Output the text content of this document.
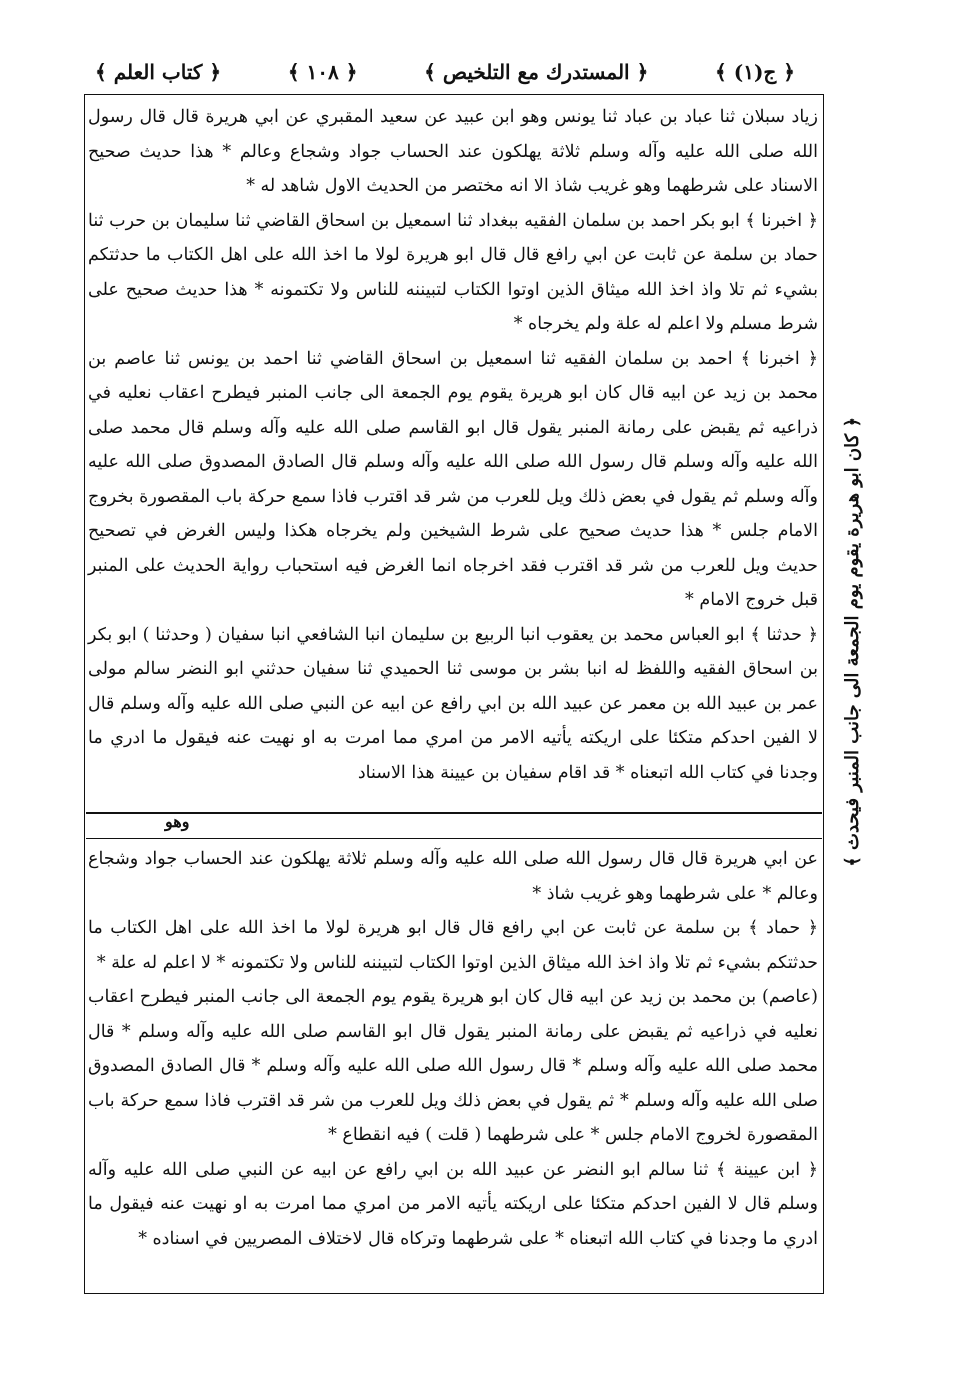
﴿ ج(۱) ﴾
﴿ المستدرك مع التلخيص ﴾
﴿ ۱۰۸ ﴾
﴿ كتاب العلم ﴾

زياد سبلان ثنا عباد بن عباد ثنا يونس وهو ابن عبيد عن سعيد المقبري عن ابي هريرة قال قال رسول الله صلى الله عليه وآله وسلم ثلاثة يهلكون عند الحساب جواد وشجاع وعالم * هذا حديث صحيح الاسناد على شرطهما وهو غريب شاذ الا انه مختصر من الحديث الاول شاهد له *

﴿ اخبرنا ﴾ ابو بكر احمد بن سلمان الفقيه ببغداد ثنا اسمعيل بن اسحاق القاضي ثنا سليمان بن حرب ثنا حماد بن سلمة عن ثابت عن ابي رافع قال قال ابو هريرة لولا ما اخذ الله على اهل الكتاب ما حدثتكم بشيء ثم تلا واذ اخذ الله ميثاق الذين اوتوا الكتاب لتبيننه للناس ولا تكتمونه * هذا حديث صحيح على شرط مسلم ولا اعلم له علة ولم يخرجاه *

﴿ اخبرنا ﴾ احمد بن سلمان الفقيه ثنا اسمعيل بن اسحاق القاضي ثنا احمد بن يونس ثنا عاصم بن محمد بن زيد عن ابيه قال كان ابو هريرة يقوم يوم الجمعة الى جانب المنبر فيطرح اعقاب نعليه في ذراعيه ثم يقبض على رمانة المنبر يقول قال ابو القاسم صلى الله عليه وآله وسلم قال محمد صلى الله عليه وآله وسلم قال رسول الله صلى الله عليه وآله وسلم قال الصادق المصدوق صلى الله عليه وآله وسلم ثم يقول في بعض ذلك ويل للعرب من شر قد اقترب فاذا سمع حركة باب المقصورة بخروج الامام جلس * هذا حديث صحيح على شرط الشيخين ولم يخرجاه هكذا وليس الغرض في تصحيح حديث ويل للعرب من شر قد اقترب فقد اخرجاه انما الغرض فيه استحباب رواية الحديث على المنبر قبل خروج الامام *

﴿ حدثنا ﴾ ابو العباس محمد بن يعقوب انبا الربيع بن سليمان انبا الشافعي انبا سفيان ( وحدثنا ) ابو بكر بن اسحاق الفقيه واللفظ له انبا بشر بن موسى ثنا الحميدي ثنا سفيان حدثني ابو النضر سالم مولى عمر بن عبيد الله بن معمر عن عبيد الله بن ابي رافع عن ابيه عن النبي صلى الله عليه وآله وسلم قال لا الفين احدكم متكئا على اريكته يأتيه الامر من امري مما امرت به او نهيت عنه فيقول ما ادري ما وجدنا في كتاب الله اتبعناه * قد اقام سفيان بن عيينة هذا الاسناد

وهو

عن ابي هريرة قال قال رسول الله صلى الله عليه وآله وسلم ثلاثة يهلكون عند الحساب جواد وشجاع وعالم * على شرطهما وهو غريب شاذ *

﴿ حماد ﴾ بن سلمة عن ثابت عن ابي رافع قال قال ابو هريرة لولا ما اخذ الله على اهل الكتاب ما حدثتكم بشيء ثم تلا واذ اخذ الله ميثاق الذين اوتوا الكتاب لتبيننه للناس ولا تكتمونه * لا اعلم له علة *

(عاصم) بن محمد بن زيد عن ابيه قال كان ابو هريرة يقوم يوم الجمعة الى جانب المنبر فيطرح اعقاب نعليه في ذراعيه ثم يقبض على رمانة المنبر يقول قال ابو القاسم صلى الله عليه وآله وسلم * قال محمد صلى الله عليه وآله وسلم * قال رسول الله صلى الله عليه وآله وسلم * قال الصادق المصدوق صلى الله عليه وآله وسلم * ثم يقول في بعض ذلك ويل للعرب من شر قد اقترب فاذا سمع حركة باب المقصورة لخروج الامام جلس * على شرطهما ( قلت ) فيه انقطاع *

﴿ ابن عيينة ﴾ ثنا سالم ابو النضر عن عبيد الله بن ابي رافع عن ابيه عن النبي صلى الله عليه وآله وسلم قال لا الفين احدكم متكئا على اريكته يأتيه الامر من امري مما امرت به او نهيت عنه فيقول ما ادري ما وجدنا في كتاب الله اتبعناه * على شرطهما وتركاه قال لاختلاف المصريين في اسناده *

﴿ كان ابو هريرة يقوم يوم الجمعة الى جانب المنبر فيحدث ﴾
